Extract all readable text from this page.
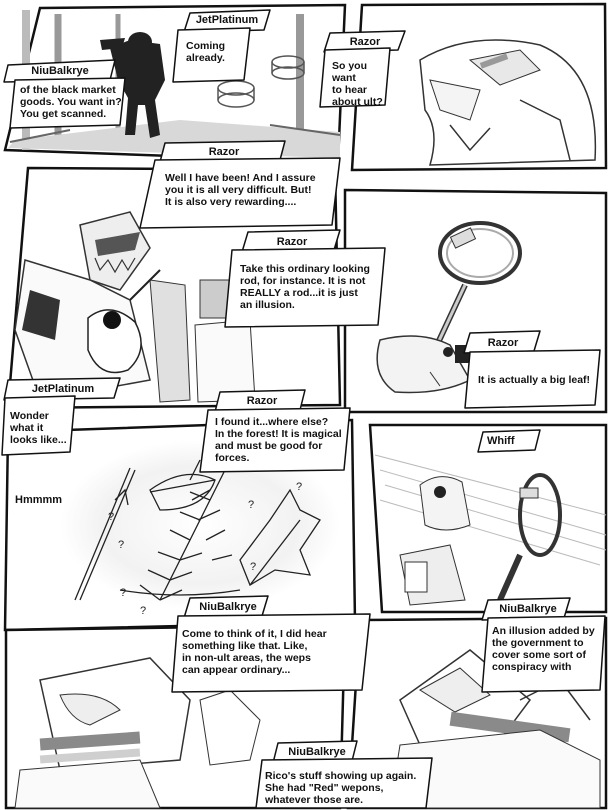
?
?
?
?
?
?
?
JetPlatinum
Coming
already.
NiuBalkrye
of the black market
goods. You want in?
You get scanned.
Razor
So you want
to hear
about ult?
Razor
Well I have been! And I assure
you it is all very difficult. But!
It is also very rewarding....
Razor
Take this ordinary looking
rod, for instance. It is not
REALLY a rod...it is just
an illusion.
Razor
It is actually a big leaf!
JetPlatinum
Wonder
what it
looks like...
Razor
I found it...where else?
In the forest! It is magical
and must be good for
forces.
NiuBalkrye
Come to think of it, I did hear
something like that. Like,
in non-ult areas, the weps
can appear ordinary...
NiuBalkrye
An illusion added by
the government to
cover some sort of
conspiracy with
NiuBalkrye
Rico's stuff showing up again.
She had "Red" wepons,
whatever those are.
Hmmmm
Whiff
